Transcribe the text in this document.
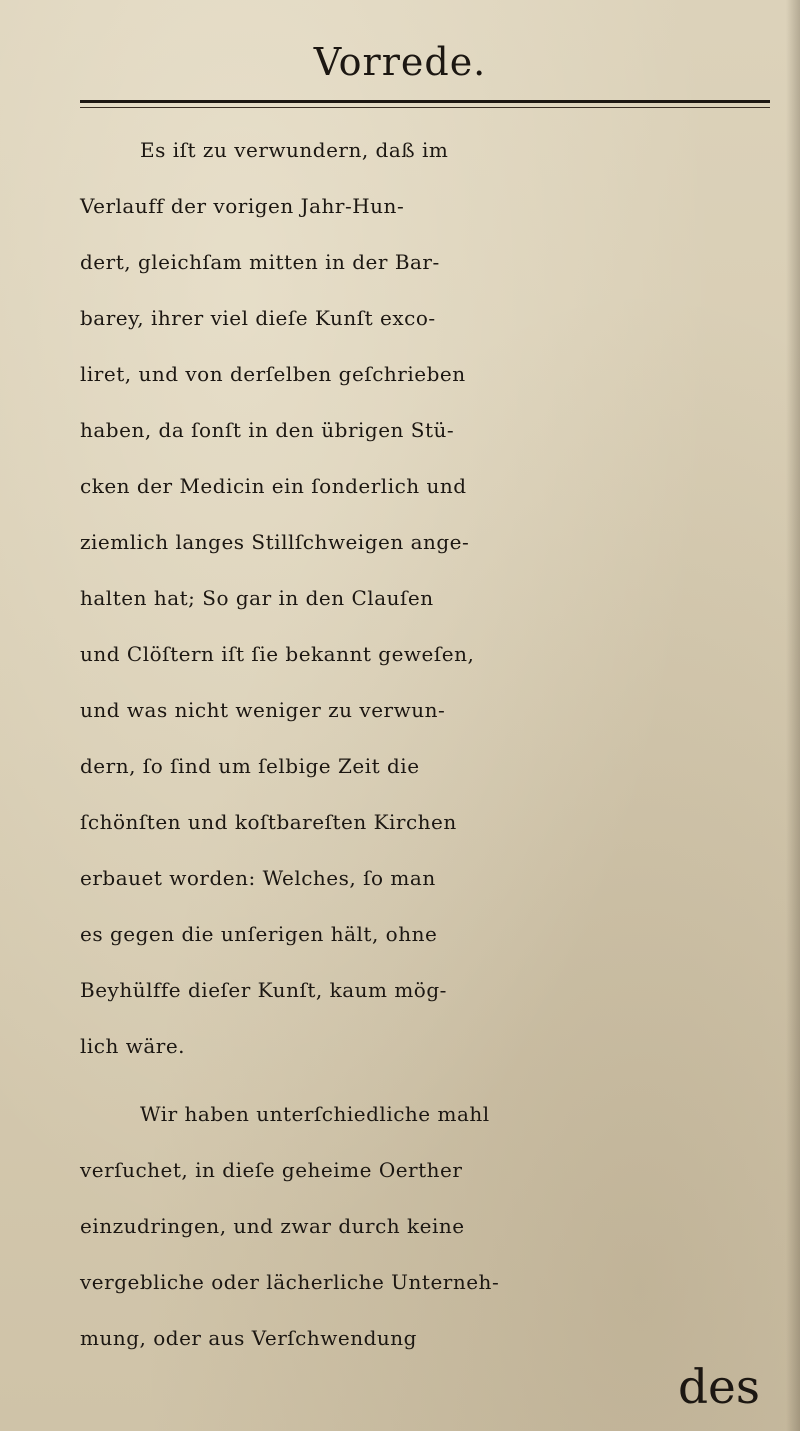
Vorrede.
Es iſt zu verwundern, daß im
Verlauff der vorigen Jahr-Hun-
dert, gleichſam mitten in der Bar-
barey, ihrer viel dieſe Kunſt exco-
liret, und von derſelben geſchrieben
haben, da ſonſt in den übrigen Stü-
cken der Medicin ein ſonderlich und
ziemlich langes Stillſchweigen ange-
halten hat; So gar in den Clauſen
und Clöſtern iſt ſie bekannt geweſen,
und was nicht weniger zu verwun-
dern, ſo ſind um ſelbige Zeit die
ſchönſten und koſtbareſten Kirchen
erbauet worden: Welches, ſo man
es gegen die unſerigen hält, ohne
Beyhülffe dieſer Kunſt, kaum mög-
lich wäre.
Wir haben unterſchiedliche mahl
verſuchet, in dieſe geheime Oerther
einzudringen, und zwar durch keine
vergebliche oder lächerliche Unterneh-
mung, oder aus Verſchwendung
des
